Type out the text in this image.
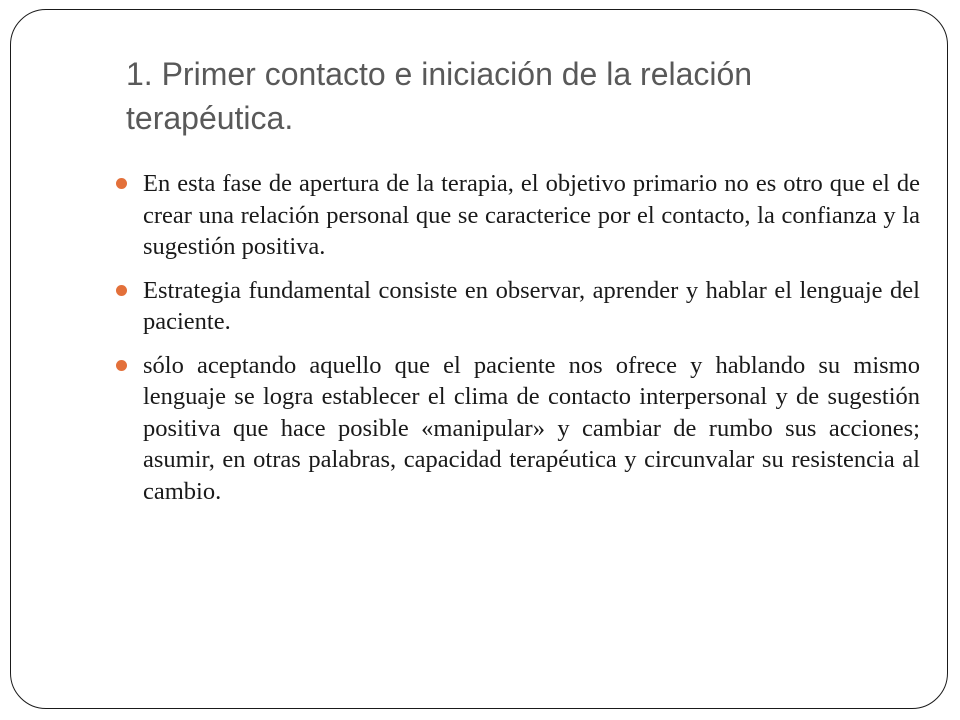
1. Primer contacto e iniciación de la relación terapéutica.
En esta fase de apertura de la terapia, el objetivo primario no es otro que el de crear una relación personal que se caracterice por el contacto, la confianza y la sugestión positiva.
Estrategia fundamental consiste en observar, aprender y hablar el lenguaje del paciente.
sólo aceptando aquello que el paciente nos ofrece y hablando su mismo lenguaje se logra establecer el clima de contacto interpersonal y de sugestión positiva que hace posible «manipular» y cambiar de rumbo sus acciones; asumir, en otras palabras, capacidad terapéutica y circunvalar su resistencia al cambio.
